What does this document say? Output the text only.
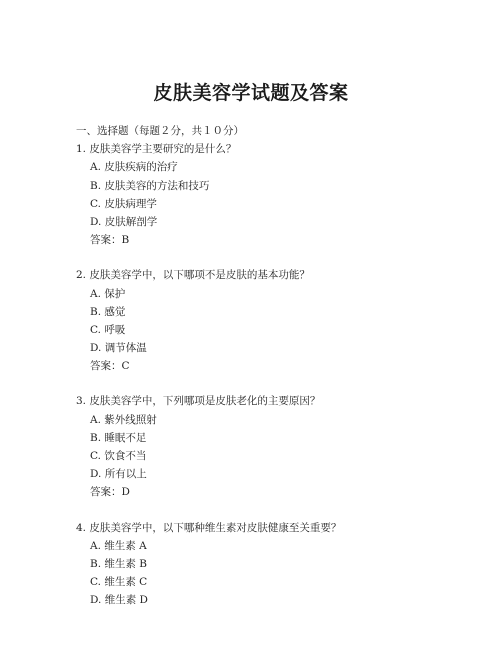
皮肤美容学试题及答案
一、选择题（每题２分，共１０分）
1. 皮肤美容学主要研究的是什么？
A. 皮肤疾病的治疗
B. 皮肤美容的方法和技巧
C. 皮肤病理学
D. 皮肤解剖学
答案：B
2. 皮肤美容学中，以下哪项不是皮肤的基本功能？
A. 保护
B. 感觉
C. 呼吸
D. 调节体温
答案：C
3. 皮肤美容学中，下列哪项是皮肤老化的主要原因？
A. 紫外线照射
B. 睡眠不足
C. 饮食不当
D. 所有以上
答案：D
4. 皮肤美容学中，以下哪种维生素对皮肤健康至关重要？
A. 维生素 A
B. 维生素 B
C. 维生素 C
D. 维生素 D
